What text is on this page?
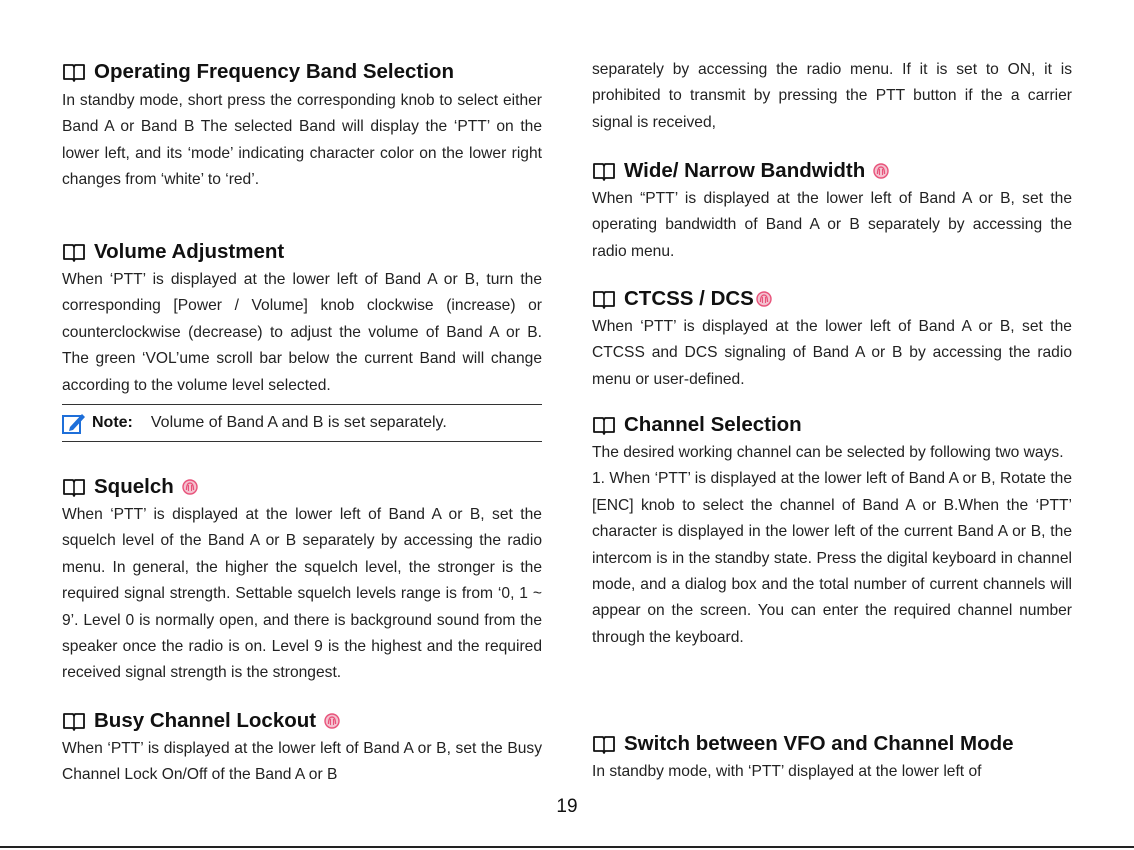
Operating Frequency Band Selection

In standby mode, short press the corresponding knob to select either Band A or Band B The selected Band will display the ‘PTT’ on the lower left, and its ‘mode’ indicating character color on the lower right changes from ‘white’ to ‘red’.

Volume Adjustment

When ‘PTT’ is displayed at the lower left of Band A or B, turn the corresponding [Power / Volume] knob clockwise (increase) or counterclockwise (decrease) to adjust the volume of Band A or B. The green ‘VOL’ume scroll bar below the current Band will change according to the volume level selected.

Note: Volume of Band A and B is set separately.
Squelch

When ‘PTT’ is displayed at the lower left of Band A or B, set the squelch level of the Band A or B separately by accessing the radio menu. In general, the higher the squelch level, the stronger is the required signal strength. Settable squelch levels range is from ‘0, 1 ~ 9’. Level 0 is normally open, and there is background sound from the speaker once the radio is on. Level 9 is the highest and the required received signal strength is the strongest.

Busy Channel Lockout

When ‘PTT’ is displayed at the lower left of Band A or B, set the Busy Channel Lock On/Off of the Band A or B

separately by accessing the radio menu. If it is set to ON, it is prohibited to transmit by pressing the PTT button if the a carrier signal is received,

Wide/ Narrow Bandwidth

When “PTT’ is displayed at the lower left of Band A or B, set the operating bandwidth of Band A or B separately by accessing the radio menu.

CTCSS / DCS

When ‘PTT’ is displayed at the lower left of Band A or B, set the CTCSS and DCS signaling of Band A or B by accessing the radio menu or user-defined.

Channel Selection

The desired working channel can be selected by following two ways.

1. When ‘PTT’ is displayed at the lower left of Band A or B, Rotate the [ENC] knob to select the channel of Band A or B.When the ‘PTT’ character is displayed in the lower left of the current Band A or B, the intercom is in the standby state. Press the digital keyboard in channel mode, and a dialog box and the total number of current channels will appear on the screen. You can enter the required channel number through the keyboard.

Switch between VFO and Channel Mode

In standby mode, with ‘PTT’ displayed at the lower left of

19
